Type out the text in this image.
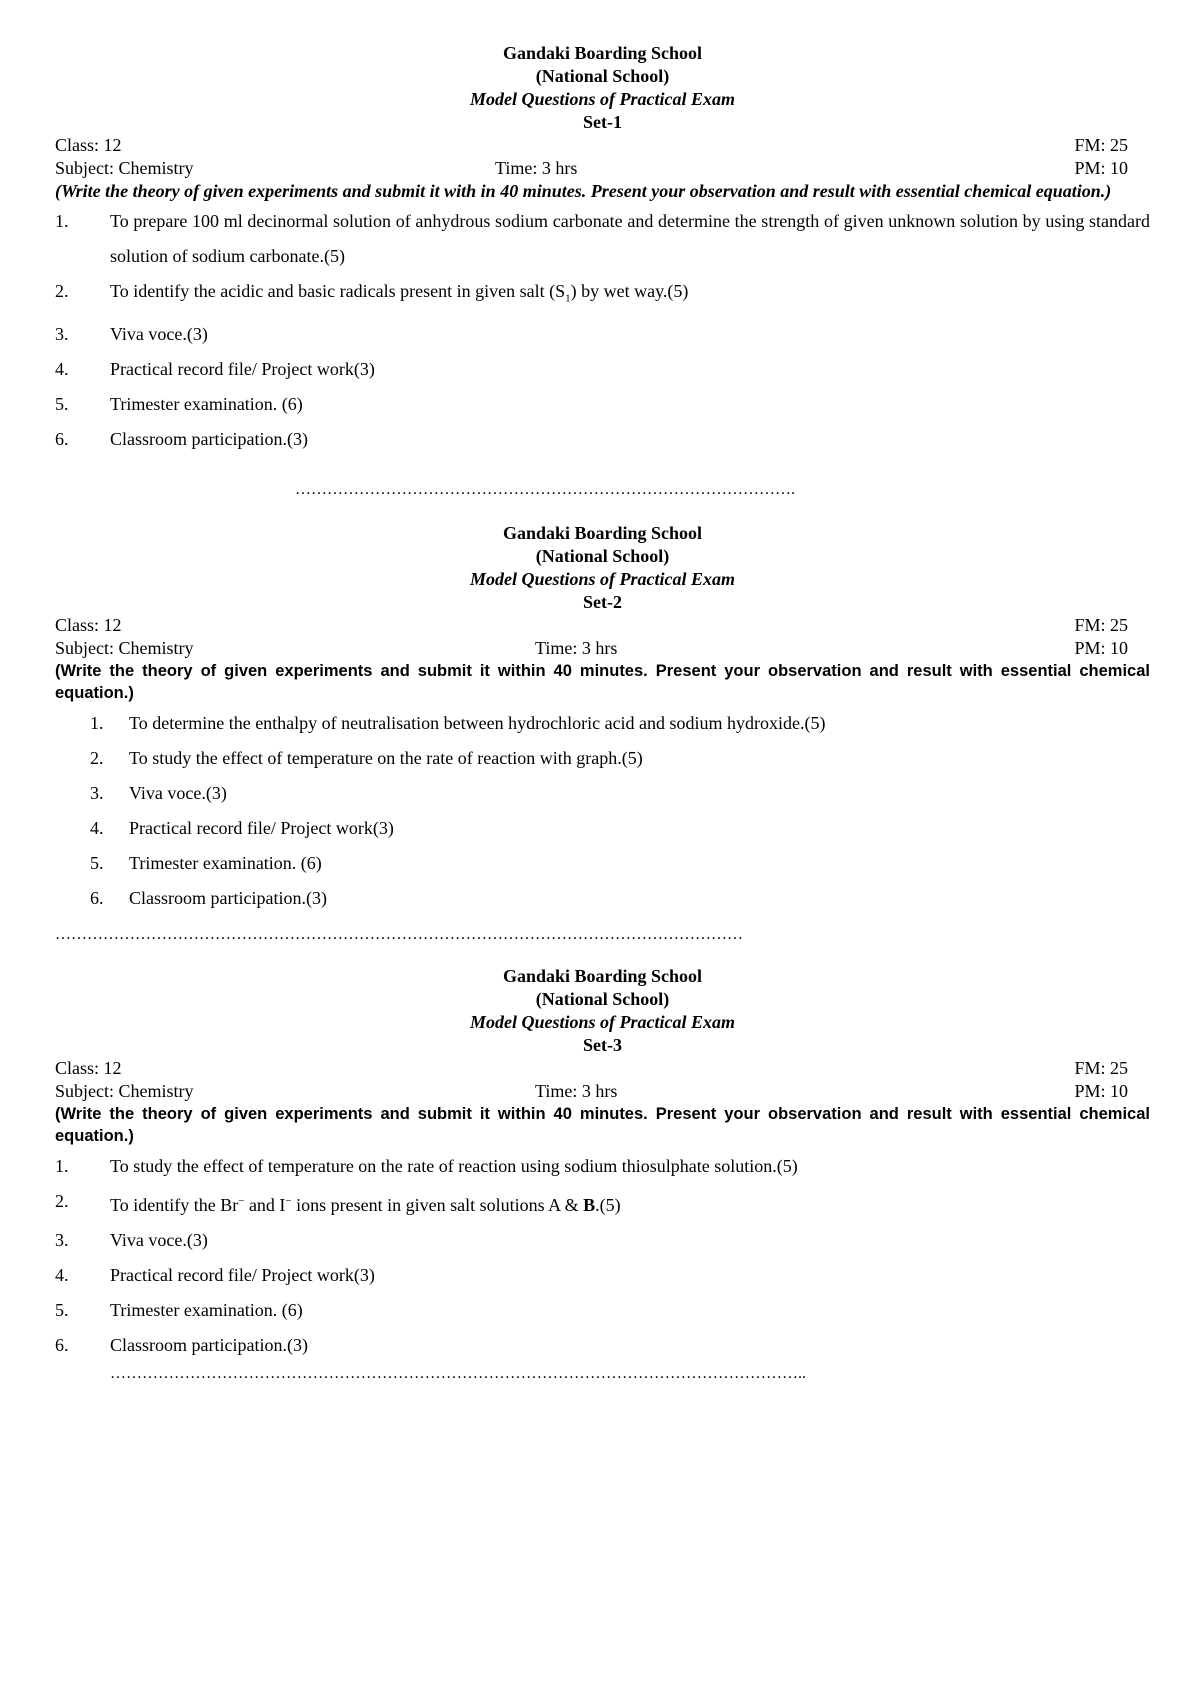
Gandaki Boarding School
(National School)
Model Questions of Practical Exam
Set-1
Class: 12	FM: 25
Subject: Chemistry	Time: 3 hrs	PM: 10
(Write the theory of given experiments and submit it with in 40 minutes. Present your observation and result with essential chemical equation.)
1.	To prepare 100 ml decinormal solution of anhydrous sodium carbonate and determine the strength of given unknown solution by using standard solution of sodium carbonate.(5)
2.	To identify the acidic and basic radicals present in given salt $(S_1)$ by wet way.(5)
3.	Viva voce.(3)
4.	Practical record file/ Project work(3)
5.	Trimester examination. (6)
6.	Classroom participation.(3)
………………………………………………………………………………….
Gandaki Boarding School
(National School)
Model Questions of Practical Exam
Set-2
Class: 12	FM: 25
Subject: Chemistry	Time: 3 hrs	PM: 10
(Write the theory of given experiments and submit it within 40 minutes. Present your observation and result with essential chemical equation.)
1.	To determine the enthalpy of neutralisation between hydrochloric acid and sodium hydroxide.(5)
2.	To study the effect of temperature on the rate of reaction with graph.(5)
3.	Viva voce.(3)
4.	Practical record file/ Project work(3)
5.	Trimester examination. (6)
6.	Classroom participation.(3)
…………………………………………………………………………………………………………………
Gandaki Boarding School
(National School)
Model Questions of Practical Exam
Set-3
Class: 12	FM: 25
Subject: Chemistry	Time: 3 hrs	PM: 10
(Write the theory of given experiments and submit it within 40 minutes. Present your observation and result with essential chemical equation.)
1.	To study the effect of temperature on the rate of reaction using sodium thiosulphate solution.(5)
2.	To identify the Br− and I− ions present in given salt solutions A & B.(5)
3.	Viva voce.(3)
4.	Practical record file/ Project work(3)
5.	Trimester examination. (6)
6.	Classroom participation.(3)
…………………………………………………………………………………………………………………..
